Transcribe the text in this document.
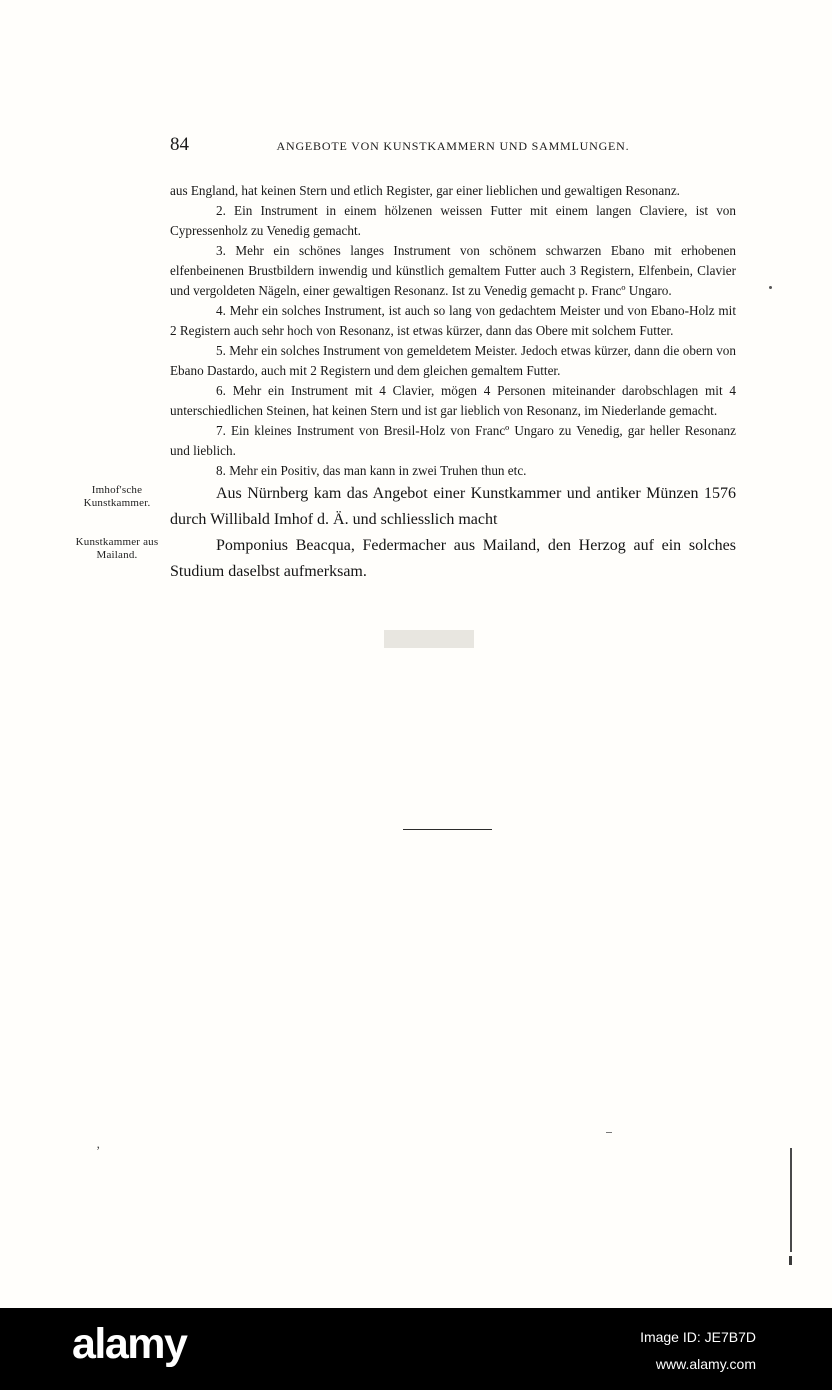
84	ANGEBOTE VON KUNSTKAMMERN UND SAMMLUNGEN.

aus England, hat keinen Stern und etlich Register, gar einer lieblichen und gewaltigen Resonanz.

2. Ein Instrument in einem hölzenen weissen Futter mit einem langen Claviere, ist von Cypressenholz zu Venedig gemacht.

3. Mehr ein schönes langes Instrument von schönem schwarzen Ebano mit erhobenen elfenbeinenen Brustbildern inwendig und künstlich gemaltem Futter auch 3 Registern, Elfenbein, Clavier und vergoldeten Nägeln, einer gewaltigen Resonanz. Ist zu Venedig gemacht p. Francº Ungaro.

4. Mehr ein solches Instrument, ist auch so lang von gedachtem Meister und von Ebano-Holz mit 2 Registern auch sehr hoch von Resonanz, ist etwas kürzer, dann das Obere mit solchem Futter.

5. Mehr ein solches Instrument von gemeldetem Meister. Jedoch etwas kürzer, dann die obern von Ebano Dastardo, auch mit 2 Registern und dem gleichen gemaltem Futter.

6. Mehr ein Instrument mit 4 Clavier, mögen 4 Personen miteinander darobschlagen mit 4 unterschiedlichen Steinen, hat keinen Stern und ist gar lieblich von Resonanz, im Niederlande gemacht.

7. Ein kleines Instrument von Bresil-Holz von Francº Ungaro zu Venedig, gar heller Resonanz und lieblich.

8. Mehr ein Positiv, das man kann in zwei Truhen thun etc.

Imhof'sche Kunstkammer.

Aus Nürnberg kam das Angebot einer Kunstkammer und antiker Münzen 1576 durch Willibald Imhof d. Ä. und schliesslich macht

Kunstkammer aus Mailand.

Pomponius Beacqua, Federmacher aus Mailand, den Herzog auf ein solches Studium daselbst aufmerksam.

’
alamy	Image ID: JE7B7D
www.alamy.com
